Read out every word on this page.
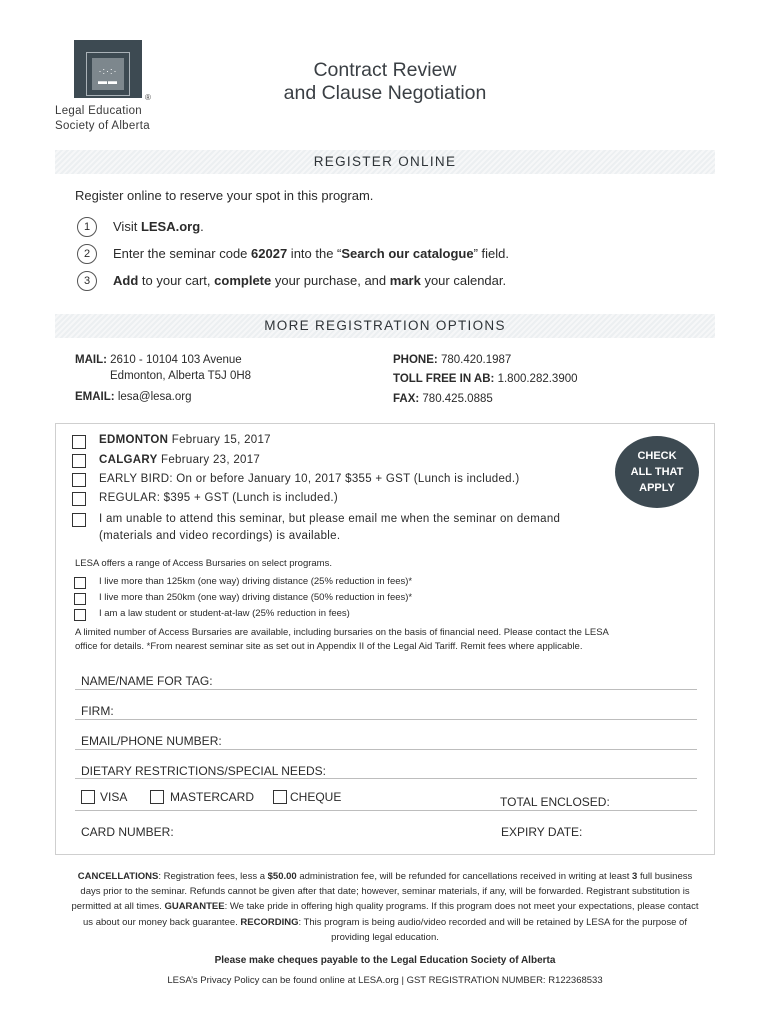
·:·:·
▬▬
®
Legal Education
Society of Alberta
Contract Review
and Clause Negotiation
REGISTER ONLINE
Register online to reserve your spot in this program.
1	Visit LESA.org.
2	Enter the seminar code 62027 into the “Search our catalogue” field.
3	Add to your cart, complete your purchase, and mark your calendar.
MORE REGISTRATION OPTIONS
MAIL: 2610 - 10104 103 Avenue
Edmonton, Alberta T5J 0H8
EMAIL: lesa@lesa.org
PHONE: 780.420.1987
TOLL FREE IN AB: 1.800.282.3900
FAX: 780.425.0885
EDMONTON February 15, 2017
CALGARY February 23, 2017
EARLY BIRD: On or before January 10, 2017 $355 + GST (Lunch is included.)
REGULAR: $395 + GST (Lunch is included.)
I am unable to attend this seminar, but please email me when the seminar on demand
(materials and video recordings) is available.
CHECK
ALL THAT
APPLY
LESA offers a range of Access Bursaries on select programs.
I live more than 125km (one way) driving distance (25% reduction in fees)*
I live more than 250km (one way) driving distance (50% reduction in fees)*
I am a law student or student-at-law (25% reduction in fees)
A limited number of Access Bursaries are available, including bursaries on the basis of financial need. Please contact the LESA
office for details. *From nearest seminar site as set out in Appendix II of the Legal Aid Tariff. Remit fees where applicable.
NAME/NAME FOR TAG:
FIRM:
EMAIL/PHONE NUMBER:
DIETARY RESTRICTIONS/SPECIAL NEEDS:
VISA	MASTERCARD	CHEQUE	TOTAL ENCLOSED:
CARD NUMBER:	EXPIRY DATE:
CANCELLATIONS: Registration fees, less a $50.00 administration fee, will be refunded for cancellations received in writing at least 3 full business days prior to the seminar. Refunds cannot be given after that date; however, seminar materials, if any, will be forwarded. Registrant substitution is permitted at all times. GUARANTEE: We take pride in offering high quality programs. If this program does not meet your expectations, please contact us about our money back guarantee. RECORDING: This program is being audio/video recorded and will be retained by LESA for the purpose of providing legal education.
Please make cheques payable to the Legal Education Society of Alberta
LESA’s Privacy Policy can be found online at LESA.org | GST REGISTRATION NUMBER: R122368533
